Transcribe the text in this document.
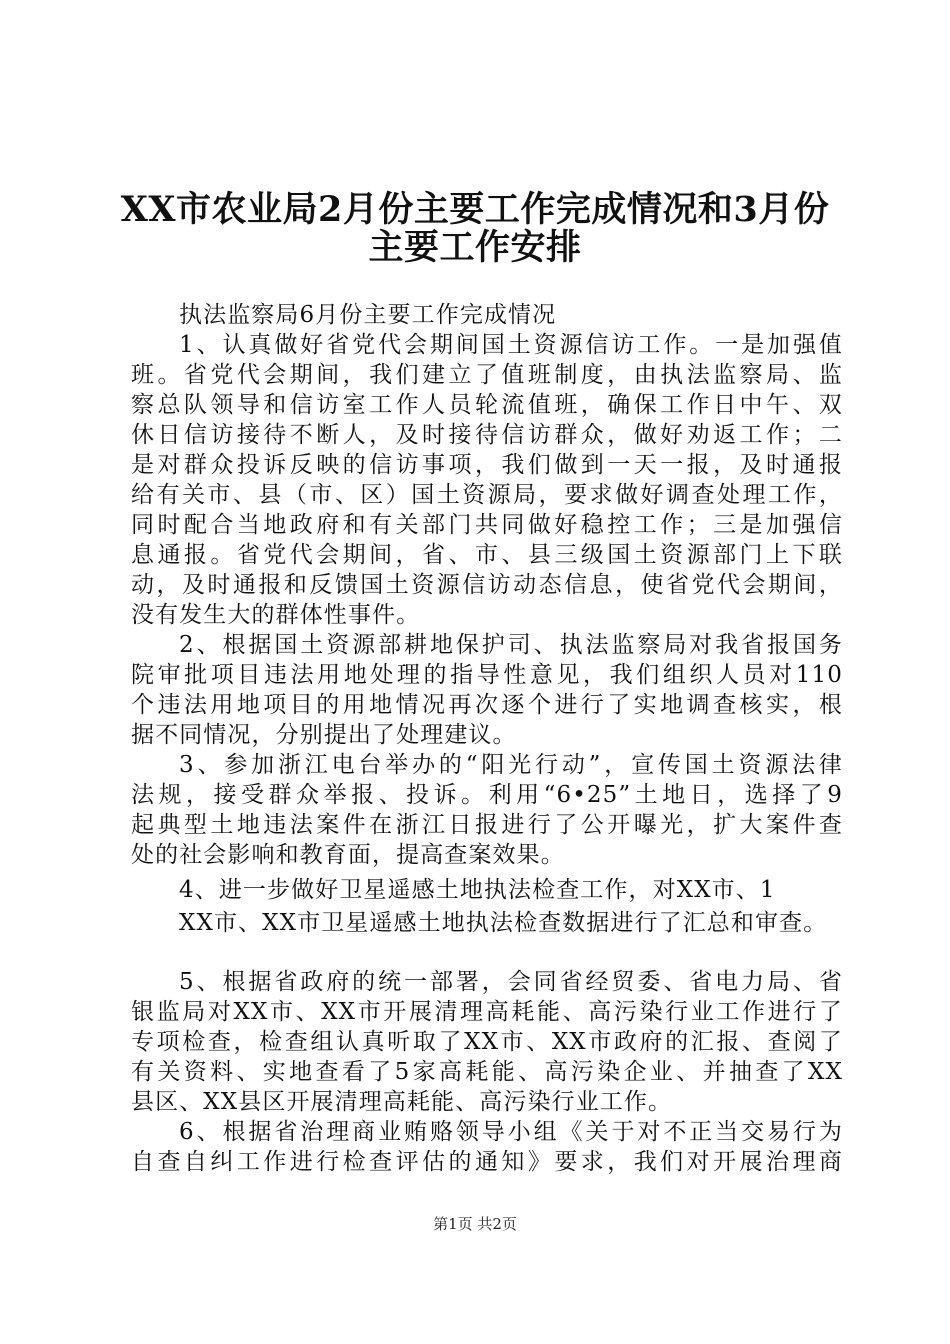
XX市农业局2月份主要工作完成情况和3月份
主要工作安排
执法监察局6月份主要工作完成情况
1、认真做好省党代会期间国土资源信访工作。一是加强值
班。省党代会期间，我们建立了值班制度，由执法监察局、监
察总队领导和信访室工作人员轮流值班，确保工作日中午、双
休日信访接待不断人，及时接待信访群众，做好劝返工作；二
是对群众投诉反映的信访事项，我们做到一天一报，及时通报
给有关市、县（市、区）国土资源局，要求做好调查处理工作，
同时配合当地政府和有关部门共同做好稳控工作；三是加强信
息通报。省党代会期间，省、市、县三级国土资源部门上下联
动，及时通报和反馈国土资源信访动态信息，使省党代会期间，
没有发生大的群体性事件。
2、根据国土资源部耕地保护司、执法监察局对我省报国务
院审批项目违法用地处理的指导性意见，我们组织人员对110
个违法用地项目的用地情况再次逐个进行了实地调查核实，根
据不同情况，分别提出了处理建议。
3、参加浙江电台举办的“阳光行动”，宣传国土资源法律
法规，接受群众举报、投诉。利用“6•25”土地日，选择了9
起典型土地违法案件在浙江日报进行了公开曝光，扩大案件查
处的社会影响和教育面，提高查案效果。
4、进一步做好卫星遥感土地执法检查工作，对XX市、1
XX市、XX市卫星遥感土地执法检查数据进行了汇总和审查。
5、根据省政府的统一部署，会同省经贸委、省电力局、省
银监局对XX市、XX市开展清理高耗能、高污染行业工作进行了
专项检查，检查组认真听取了XX市、XX市政府的汇报、查阅了
有关资料、实地查看了5家高耗能、高污染企业、并抽查了XX
县区、XX县区开展清理高耗能、高污染行业工作。
6、根据省治理商业贿赂领导小组《关于对不正当交易行为
自查自纠工作进行检查评估的通知》要求，我们对开展治理商
第1页 共2页
